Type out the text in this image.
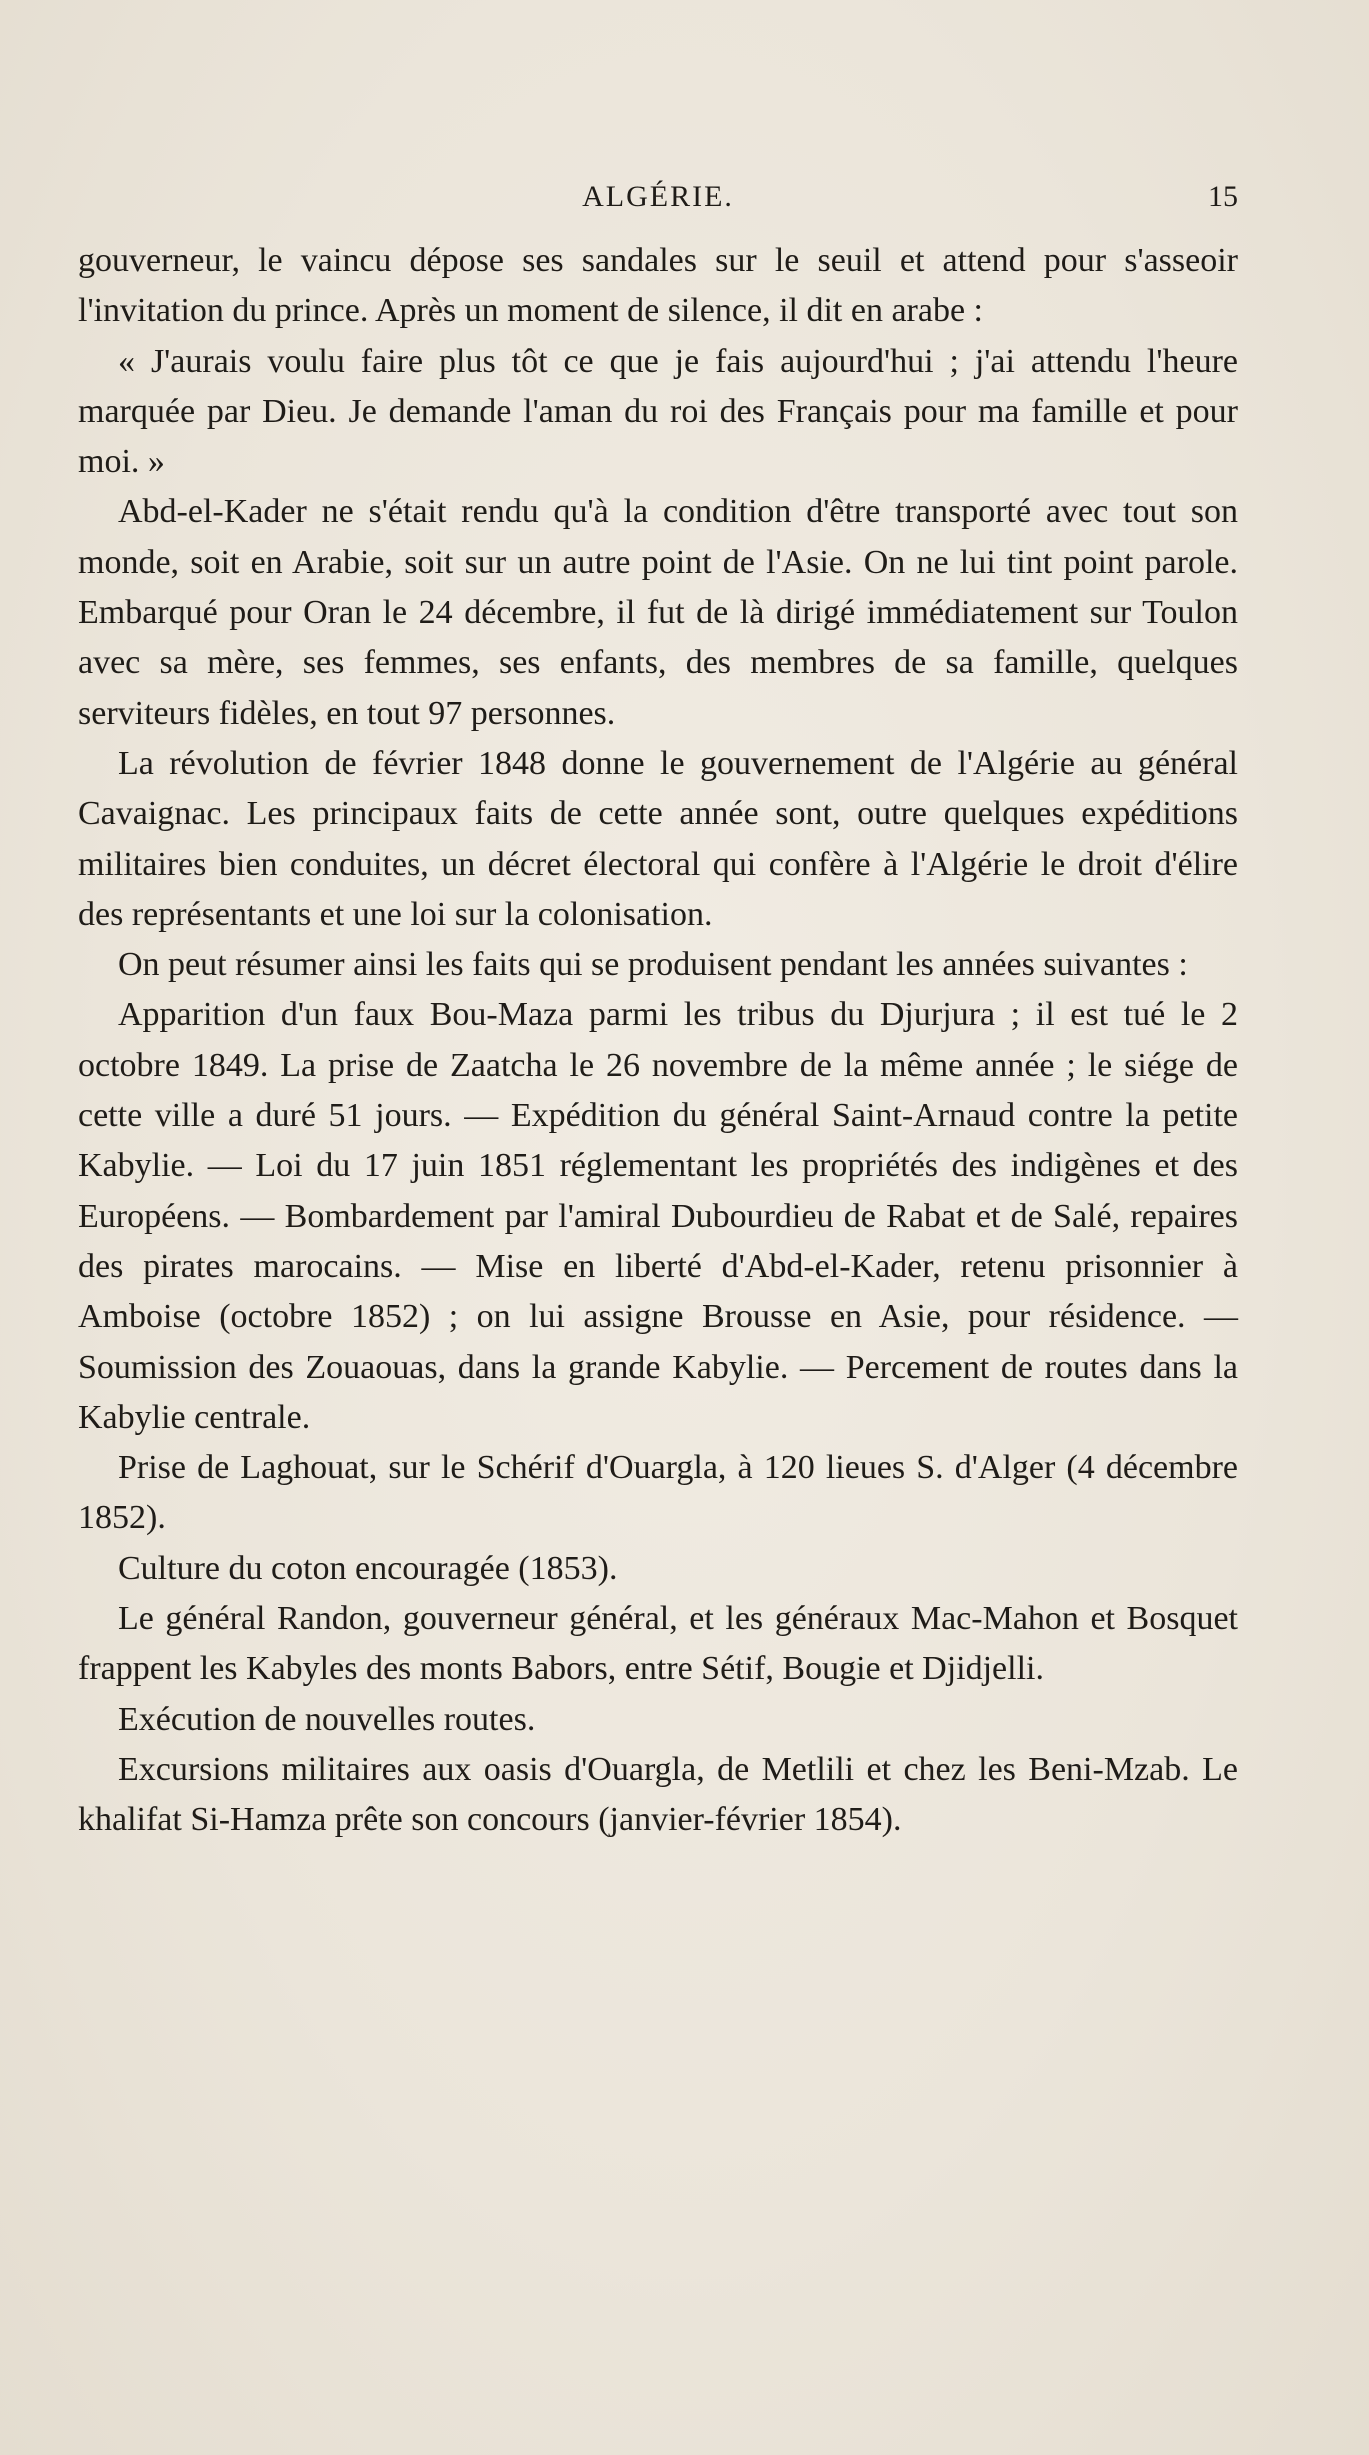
ALGÉRIE.	15

gouverneur, le vaincu dépose ses sandales sur le seuil et attend pour s'asseoir l'invitation du prince. Après un moment de silence, il dit en arabe :

« J'aurais voulu faire plus tôt ce que je fais aujourd'hui ; j'ai attendu l'heure marquée par Dieu. Je demande l'aman du roi des Français pour ma famille et pour moi. »

Abd-el-Kader ne s'était rendu qu'à la condition d'être transporté avec tout son monde, soit en Arabie, soit sur un autre point de l'Asie. On ne lui tint point parole. Embarqué pour Oran le 24 décembre, il fut de là dirigé immédiatement sur Toulon avec sa mère, ses femmes, ses enfants, des membres de sa famille, quelques serviteurs fidèles, en tout 97 personnes.

La révolution de février 1848 donne le gouvernement de l'Algérie au général Cavaignac. Les principaux faits de cette année sont, outre quelques expéditions militaires bien conduites, un décret électoral qui confère à l'Algérie le droit d'élire des représentants et une loi sur la colonisation.

On peut résumer ainsi les faits qui se produisent pendant les années suivantes :

Apparition d'un faux Bou-Maza parmi les tribus du Djurjura ; il est tué le 2 octobre 1849. La prise de Zaatcha le 26 novembre de la même année ; le siége de cette ville a duré 51 jours. — Expédition du général Saint-Arnaud contre la petite Kabylie. — Loi du 17 juin 1851 réglementant les propriétés des indigènes et des Européens. — Bombardement par l'amiral Dubourdieu de Rabat et de Salé, repaires des pirates marocains. — Mise en liberté d'Abd-el-Kader, retenu prisonnier à Amboise (octobre 1852) ; on lui assigne Brousse en Asie, pour résidence. — Soumission des Zouaouas, dans la grande Kabylie. — Percement de routes dans la Kabylie centrale.

Prise de Laghouat, sur le Schérif d'Ouargla, à 120 lieues S. d'Alger (4 décembre 1852).

Culture du coton encouragée (1853).

Le général Randon, gouverneur général, et les généraux Mac-Mahon et Bosquet frappent les Kabyles des monts Babors, entre Sétif, Bougie et Djidjelli.

Exécution de nouvelles routes.

Excursions militaires aux oasis d'Ouargla, de Metlili et chez les Beni-Mzab. Le khalifat Si-Hamza prête son concours (janvier-février 1854).
